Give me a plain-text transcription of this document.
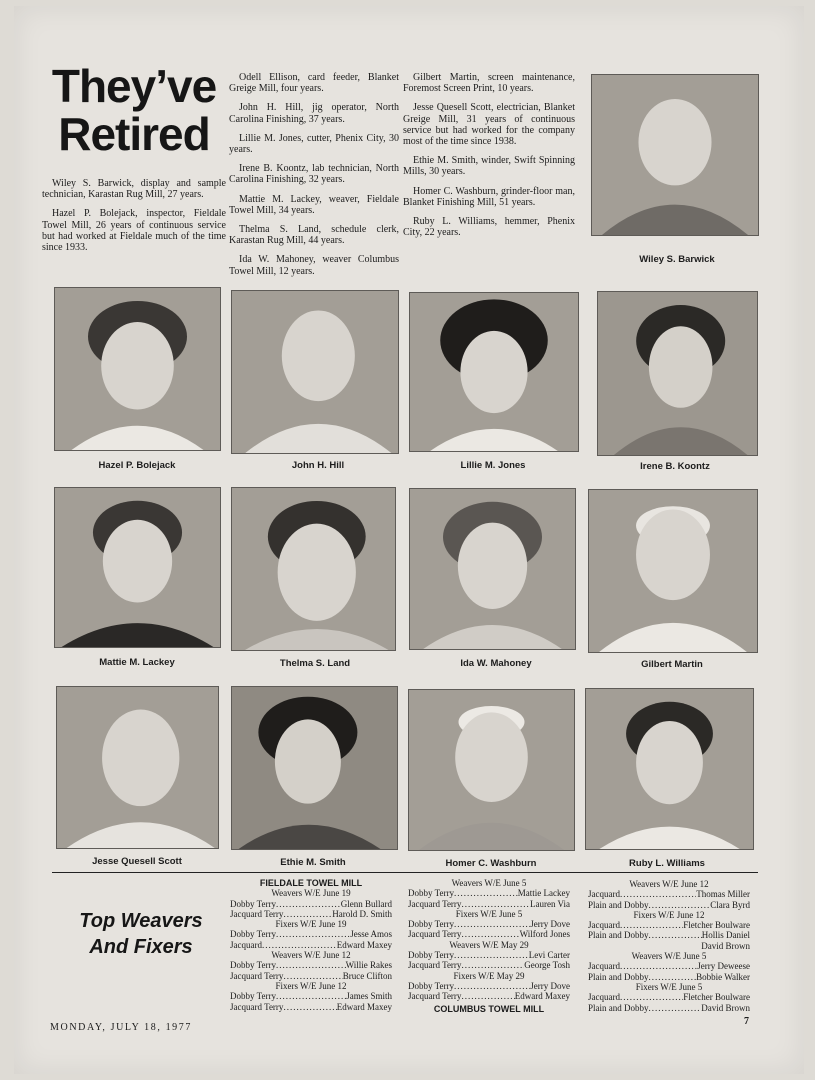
They’ve
Retired

Wiley S. Barwick, display and sample technician, Karastan Rug Mill, 27 years.

Hazel P. Bolejack, inspector, Fieldale Towel Mill, 26 years of continuous service but had worked at Fieldale much of the time since 1933.

Odell Ellison, card feeder, Blanket Greige Mill, four years.

John H. Hill, jig operator, North Carolina Finishing, 37 years.

Lillie M. Jones, cutter, Phenix City, 30 years.

Irene B. Koontz, lab technician, North Carolina Finishing, 32 years.

Mattie M. Lackey, weaver, Fieldale Towel Mill, 34 years.

Thelma S. Land, schedule clerk, Karastan Rug Mill, 44 years.

Ida W. Mahoney, weaver Columbus Towel Mill, 12 years.

Gilbert Martin, screen maintenance, Foremost Screen Print, 10 years.

Jesse Quesell Scott, electrician, Blanket Greige Mill, 31 years of continuous service but had worked for the company most of the time since 1938.

Ethie M. Smith, winder, Swift Spinning Mills, 30 years.

Homer C. Washburn, grinder-floor man, Blanket Finishing Mill, 51 years.

Ruby L. Williams, hemmer, Phenix City, 22 years.

Wiley S. Barwick
Hazel P. Bolejack	John H. Hill	Lillie M. Jones	Irene B. Koontz
Mattie M. Lackey	Thelma S. Land	Ida W. Mahoney	Gilbert Martin
Jesse Quesell Scott	Ethie M. Smith	Homer C. Washburn	Ruby L. Williams
Top Weavers
And Fixers
FIELDALE TOWEL MILL
Weavers W/E June 19
Dobby Terry .....	Glenn Bullard
Jacquard Terry .....	Harold D. Smith
Fixers W/E June 19
Dobby Terry .....	Jesse Amos
Jacquard .....	Edward Maxey
Weavers W/E June 12
Dobby Terry .....	Willie Rakes
Jacquard Terry .....	Bruce Clifton
Fixers W/E June 12
Dobby Terry .....	James Smith
Jacquard Terry .....	Edward Maxey
Weavers W/E June 5
Dobby Terry .....	Mattie Lackey
Jacquard Terry .....	Lauren Via
Fixers W/E June 5
Dobby Terry .....	Jerry Dove
Jacquard Terry .....	Wilford Jones
Weavers W/E May 29
Dobby Terry .....	Levi Carter
Jacquard Terry .....	George Tosh
Fixers W/E May 29
Dobby Terry .....	Jerry Dove
Jacquard Terry .....	Edward Maxey
COLUMBUS TOWEL MILL
Weavers W/E June 12
Jacquard .....	Thomas Miller
Plain and Dobby .....	Clara Byrd
Fixers W/E June 12
Jacquard .....	Fletcher Boulware
Plain and Dobby .....	Hollis Daniel
David Brown
Weavers W/E June 5
Jacquard .....	Jerry Deweese
Plain and Dobby .....	Bobbie Walker
Fixers W/E June 5
Jacquard .....	Fletcher Boulware
Plain and Dobby .....	David Brown
MONDAY, JULY 18, 1977
7
